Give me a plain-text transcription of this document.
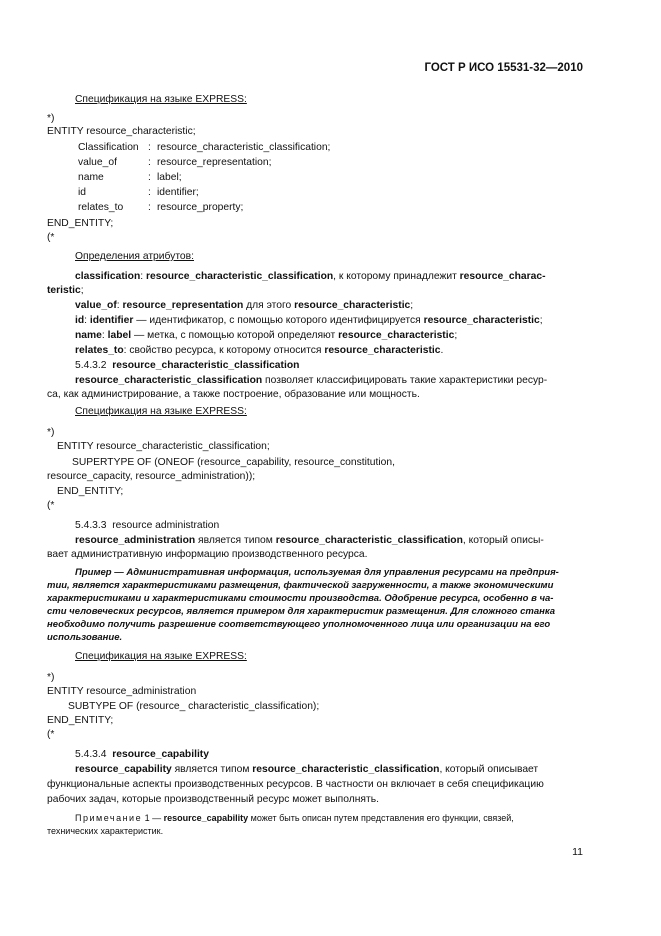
ГОСТ Р ИСО 15531-32—2010
Спецификация на языке EXPRESS:
*)
ENTITY resource_characteristic;
Classification : resource_characteristic_classification;
value_of	: resource_representation;
name	: label;
id	: identifier;
relates_to : resource_property;
END_ENTITY;
(*
Определения атрибутов:
classification: resource_characteristic_classification, к которому принадлежит resource_charac-
teristic;
value_of: resource_representation для этого resource_characteristic;
id: identifier — идентификатор, с помощью которого идентифицируется resource_characteristic;
name: label — метка, с помощью которой определяют resource_characteristic;
relates_to: свойство ресурса, к которому относится resource_characteristic.
5.4.3.2 resource_characteristic_classification
resource_characteristic_classification позволяет классифицировать такие характеристики ресур-
са, как администрирование, а также построение, образование или мощность.
Спецификация на языке EXPRESS:
*)
ENTITY resource_characteristic_classification;
SUPERTYPE OF (ONEOF (resource_capability, resource_constitution,
resource_capacity, resource_administration));
END_ENTITY;
(*
5.4.3.3 resource administration
resource_administration является типом resource_characteristic_classification, который описы-
вает административную информацию производственного ресурса.
Пример — Административная информация, используемая для управления ресурсами на предприя-
тии, является характеристиками размещения, фактической загруженности, а также экономическими
характеристиками и характеристиками стоимости производства. Одобрение ресурса, особенно в ча-
сти человеческих ресурсов, является примером для характеристик размещения. Для сложного станка
необходимо получить разрешение соответствующего уполномоченного лица или организации на его
использование.
Спецификация на языке EXPRESS:
*)
ENTITY resource_administration
SUBTYPE OF (resource_ characteristic_classification);
END_ENTITY;
(*
5.4.3.4 resource_capability
resource_capability является типом resource_characteristic_classification, который описывает
функциональные аспекты производственных ресурсов. В частности он включает в себя спецификацию
рабочих задач, которые производственный ресурс может выполнять.
Примечание 1 — resource_capability может быть описан путем представления его функции, связей,
технических характеристик.
11
